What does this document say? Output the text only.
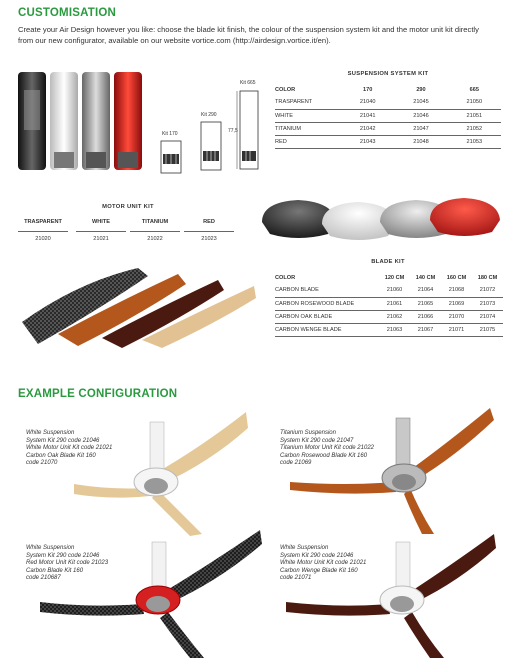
CUSTOMISATION
Create your Air Design however you like: choose the blade kit finish, the colour of the suspension system kit and the motor unit kit directly from our new configurator, available on our website vortice.com (http://airdesign.vortice.it/en).
Kit 170
Kit 290
Kit 665
77,5
SUSPENSION SYSTEM KIT
COLOR	170	290	665
TRASPARENT	21040	21045	21050
WHITE	21041	21046	21051
TITANIUM	21042	21047	21052
RED	21043	21048	21053
MOTOR UNIT KIT
TRASPARENT
21020
WHITE
21021
TITANIUM
21022
RED
21023
BLADE KIT
COLOR	120 CM	140 CM	160 CM	180 CM
CARBON BLADE	21060	21064	21068	21072
CARBON ROSEWOOD BLADE	21061	21065	21069	21073
CARBON OAK BLADE	21062	21066	21070	21074
CARBON WENGE BLADE	21063	21067	21071	21075
EXAMPLE CONFIGURATION
White Suspension
System Kit 290 code 21046
White Motor Unit Kit code 21021
Carbon Oak Blade Kit 160
code 21070
Titanium Suspension
System Kit 290 code 21047
Titanium Motor Unit Kit code 21022
Carbon Rosewood Blade Kit 160
code 21069
White Suspension
System Kit 290 code 21046
Red Motor Unit Kit code 21023
Carbon Blade Kit 160
code 210687
White Suspension
System Kit 290 code 21046
White Motor Unit Kit code 21021
Carbon Wenge Blade Kit 160
code 21071
